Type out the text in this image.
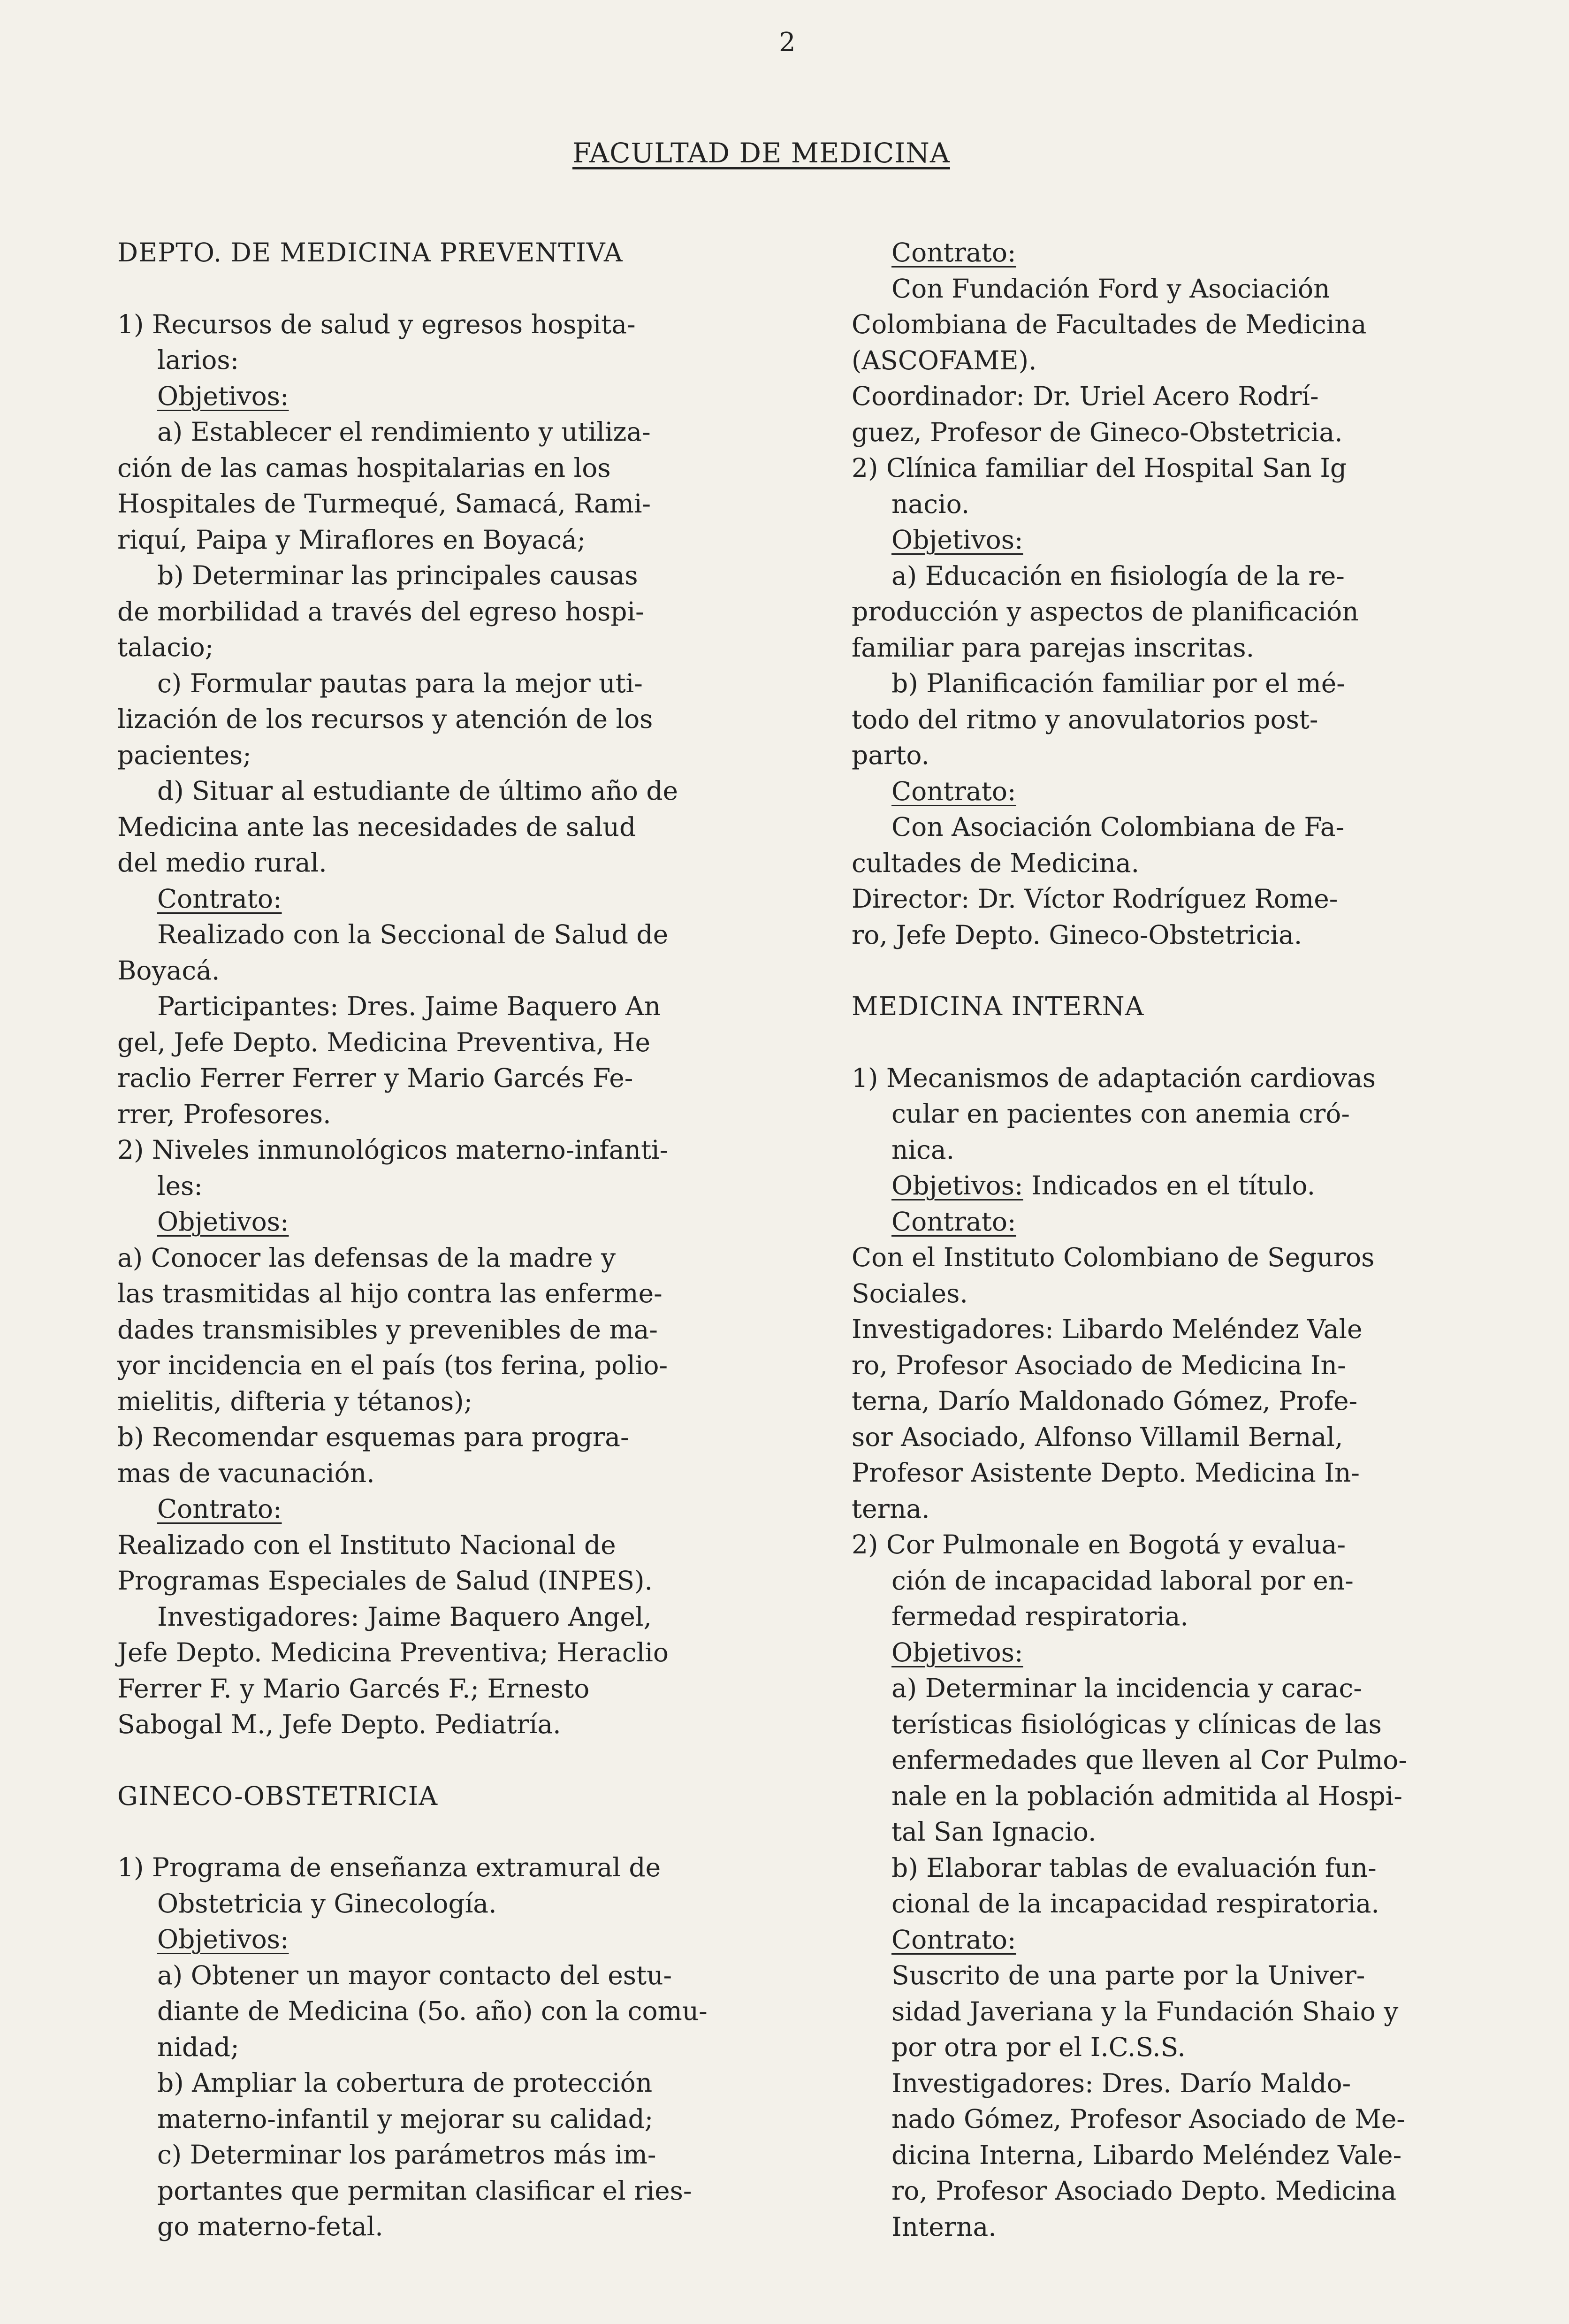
2
FACULTAD DE MEDICINA

DEPTO. DE MEDICINA PREVENTIVA

1) Recursos de salud y egresos hospita-

larios:

Objetivos:

a) Establecer el rendimiento y utiliza-

ción de las camas hospitalarias en los

Hospitales de Turmequé, Samacá, Rami-

riquí, Paipa y Miraflores en Boyacá;

b) Determinar las principales causas

de morbilidad a través del egreso hospi-

talacio;

c) Formular pautas para la mejor uti-

lización de los recursos y atención de los

pacientes;

d) Situar al estudiante de último año de

Medicina ante las necesidades de salud

del medio rural.

Contrato:

Realizado con la Seccional de Salud de

Boyacá.

Participantes: Dres. Jaime Baquero An

gel, Jefe Depto. Medicina Preventiva, He

raclio Ferrer Ferrer y Mario Garcés Fe-

rrer, Profesores.

2) Niveles inmunológicos materno-infanti-

les:

Objetivos:

a) Conocer las defensas de la madre y

las trasmitidas al hijo contra las enferme-

dades transmisibles y prevenibles de ma-

yor incidencia en el país (tos ferina, polio-

mielitis, difteria y tétanos);

b) Recomendar esquemas para progra-

mas de vacunación.

Contrato:

Realizado con el Instituto Nacional de

Programas Especiales de Salud (INPES).

Investigadores: Jaime Baquero Angel,

Jefe Depto. Medicina Preventiva; Heraclio

Ferrer F. y Mario Garcés F.; Ernesto

Sabogal M., Jefe Depto. Pediatría.

GINECO-OBSTETRICIA

1) Programa de enseñanza extramural de

Obstetricia y Ginecología.

Objetivos:

a) Obtener un mayor contacto del estu-

diante de Medicina (5o. año) con la comu-

nidad;

b) Ampliar la cobertura de protección

materno-infantil y mejorar su calidad;

c) Determinar los parámetros más im-

portantes que permitan clasificar el ries-

go materno-fetal.

Contrato:

Con Fundación Ford y Asociación

Colombiana de Facultades de Medicina

(ASCOFAME).

Coordinador: Dr. Uriel Acero Rodrí-

guez, Profesor de Gineco-Obstetricia.

2) Clínica familiar del Hospital San Ig

nacio.

Objetivos:

a) Educación en fisiología de la re-

producción y aspectos de planificación

familiar para parejas inscritas.

b) Planificación familiar por el mé-

todo del ritmo y anovulatorios post-

parto.

Contrato:

Con Asociación Colombiana de Fa-

cultades de Medicina.

Director: Dr. Víctor Rodríguez Rome-

ro, Jefe Depto. Gineco-Obstetricia.

MEDICINA INTERNA

1) Mecanismos de adaptación cardiovas

cular en pacientes con anemia cró-

nica.

Objetivos: Indicados en el título.

Contrato:

Con el Instituto Colombiano de Seguros

Sociales.

Investigadores: Libardo Meléndez Vale

ro, Profesor Asociado de Medicina In-

terna, Darío Maldonado Gómez, Profe-

sor Asociado, Alfonso Villamil Bernal,

Profesor Asistente Depto. Medicina In-

terna.

2) Cor Pulmonale en Bogotá y evalua-

ción de incapacidad laboral por en-

fermedad respiratoria.

Objetivos:

a) Determinar la incidencia y carac-

terísticas fisiológicas y clínicas de las

enfermedades que lleven al Cor Pulmo-

nale en la población admitida al Hospi-

tal San Ignacio.

b) Elaborar tablas de evaluación fun-

cional de la incapacidad respiratoria.

Contrato:

Suscrito de una parte por la Univer-

sidad Javeriana y la Fundación Shaio y

por otra por el I.C.S.S.

Investigadores: Dres. Darío Maldo-

nado Gómez, Profesor Asociado de Me-

dicina Interna, Libardo Meléndez Vale-

ro, Profesor Asociado Depto. Medicina

Interna.
